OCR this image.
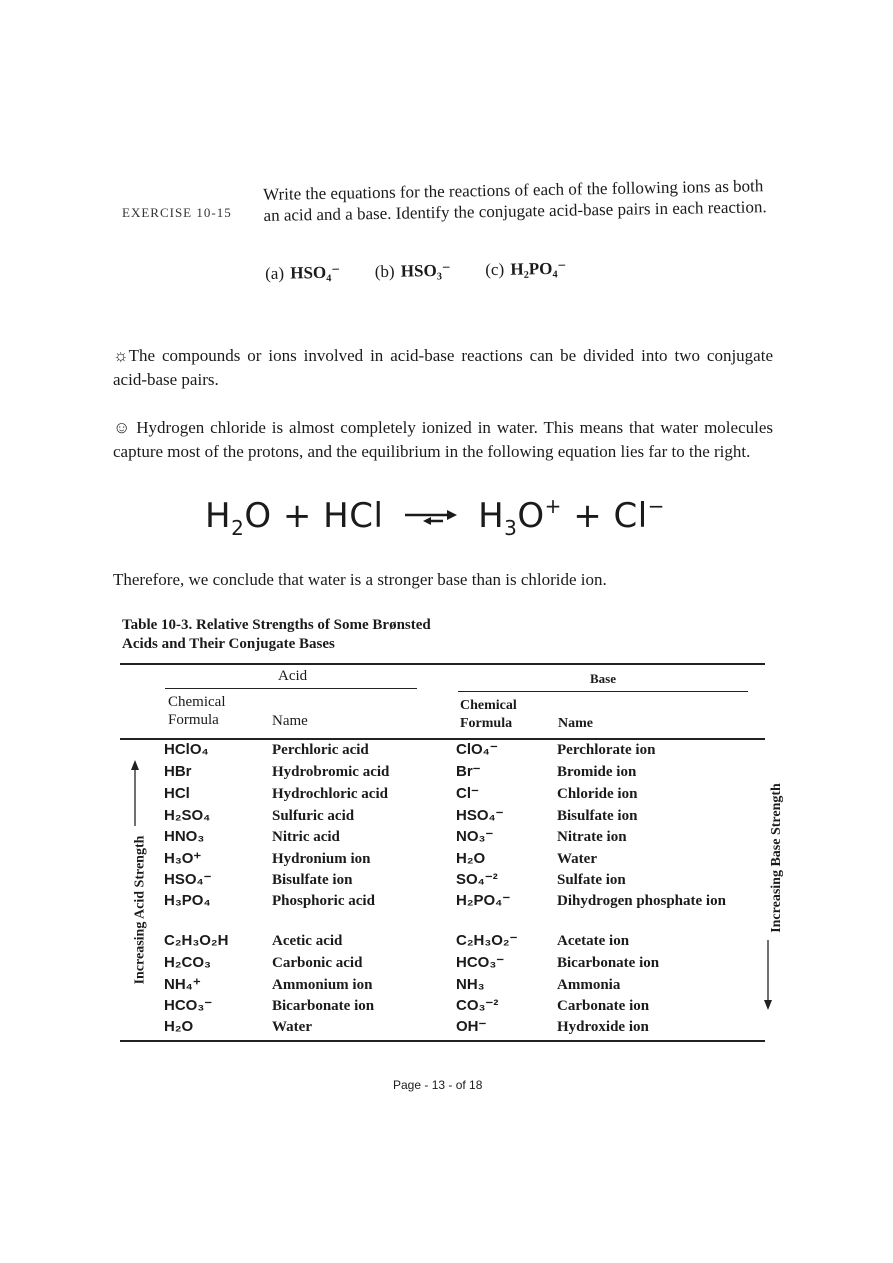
EXERCISE 10-15
Write the equations for the reactions of each of the following ions as both an acid and a base. Identify the conjugate acid-base pairs in each reaction.
(a) HSO₄⁻ (b) HSO₃⁻ (c) H₂PO₄⁻
☼The compounds or ions involved in acid-base reactions can be divided into two conjugate acid-base pairs.
☺ Hydrogen chloride is almost completely ionized in water. This means that water molecules capture most of the protons, and the equilibrium in the following equation lies far to the right.
$H_2O$ + HCl	$H_3O^+ + Cl^-$
Therefore, we conclude that water is a stronger base than is chloride ion.
Table 10-3. Relative Strengths of Some Brønsted
Acids and Their Conjugate Bases
Acid	Base
Chemical Formula	Name
Chemical Formula	Name
Increasing Acid Strength	Increasing Base Strength
HClO₄	Perchloric acid	ClO₄⁻	Perchlorate ion
HBr	Hydrobromic acid	Br⁻	Bromide ion
HCl	Hydrochloric acid	Cl⁻	Chloride ion
H₂SO₄	Sulfuric acid	HSO₄⁻	Bisulfate ion
HNO₃	Nitric acid	NO₃⁻	Nitrate ion
H₃O⁺	Hydronium ion	H₂O	Water
HSO₄⁻	Bisulfate ion	SO₄⁻²	Sulfate ion
H₃PO₄	Phosphoric acid	H₂PO₄⁻	Dihydrogen phosphate ion
C₂H₃O₂H	Acetic acid	C₂H₃O₂⁻	Acetate ion
H₂CO₃	Carbonic acid	HCO₃⁻	Bicarbonate ion
NH₄⁺	Ammonium ion	NH₃	Ammonia
HCO₃⁻	Bicarbonate ion	CO₃⁻²	Carbonate ion
H₂O	Water	OH⁻	Hydroxide ion
Page - 13 - of 18
